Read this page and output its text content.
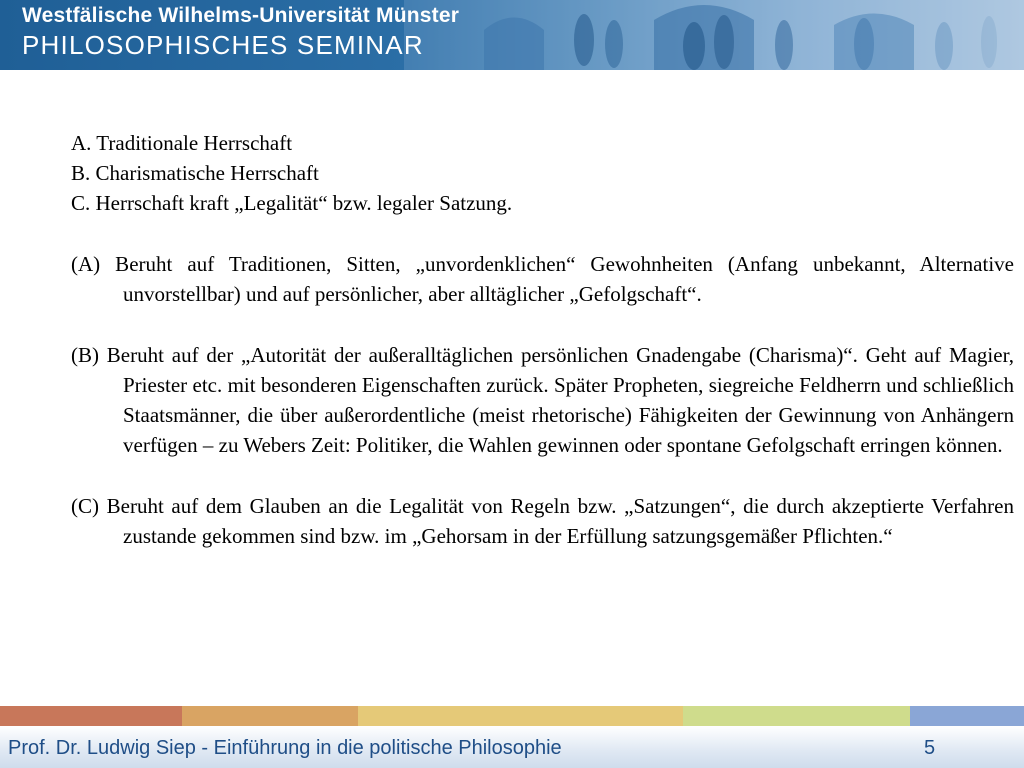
Westfälische Wilhelms-Universität Münster
PHILOSOPHISCHES SEMINAR
A. Traditionale Herrschaft
B. Charismatische Herrschaft
C. Herrschaft kraft „Legalität“ bzw. legaler Satzung.
(A) Beruht auf Traditionen, Sitten, „unvordenklichen“ Gewohnheiten (Anfang unbekannt, Alternative unvorstellbar) und auf persönlicher, aber alltäglicher „Gefolgschaft“.
(B) Beruht auf der „Autorität der außeralltäglichen persönlichen Gnadengabe (Charisma)“. Geht auf Magier, Priester etc. mit besonderen Eigenschaften zurück. Später Propheten, siegreiche Feldherrn und schließlich Staatsmänner, die über außerordentliche (meist rhetorische) Fähigkeiten der Gewinnung von Anhängern verfügen – zu Webers Zeit: Politiker, die Wahlen gewinnen oder spontane Gefolgschaft erringen können.
(C) Beruht auf dem Glauben an die Legalität von Regeln bzw. „Satzungen“, die durch akzeptierte Verfahren zustande gekommen sind bzw. im „Gehorsam in der Erfüllung satzungsgemäßer Pflichten.“
Prof. Dr. Ludwig Siep - Einführung in die politische Philosophie	5
